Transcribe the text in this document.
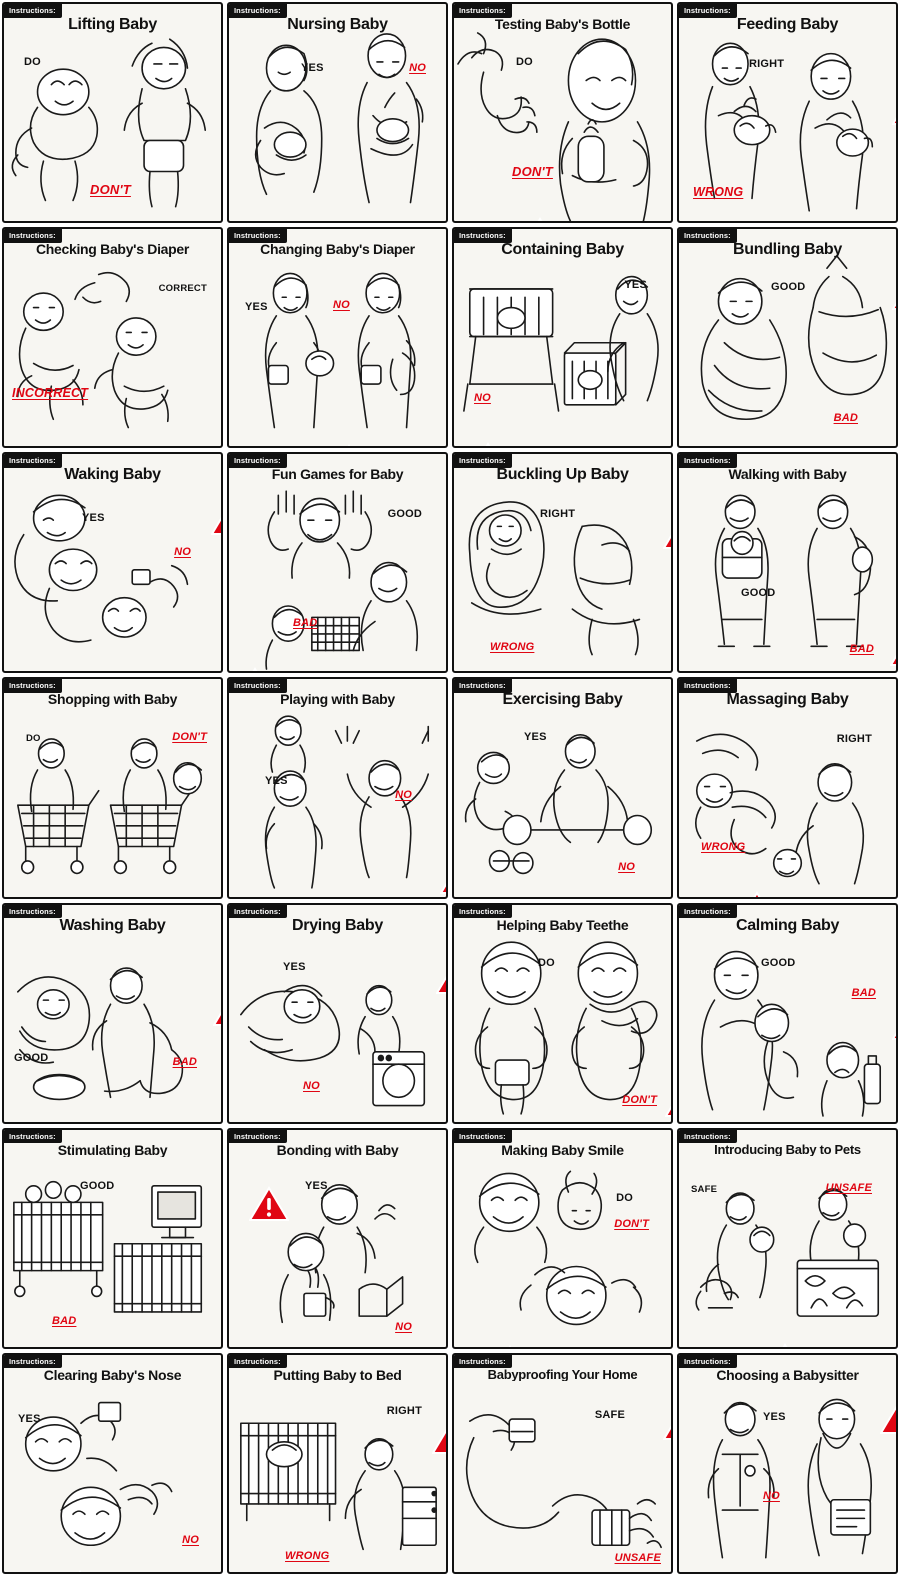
Instructions:
Lifting Baby
DO
DON'T
Instructions:
Nursing Baby
YES	NO
Instructions:
Testing Baby's Bottle
DO
DON'T
Instructions:
Feeding Baby
RIGHT
WRONG
Instructions:
Checking Baby's Diaper
CORRECT
INCORRECT
Instructions:
Changing Baby's Diaper
YES	NO
Instructions:
Containing Baby
YES
NO
Instructions:
Bundling Baby
GOOD
BAD
Instructions:
Waking Baby
YES
NO
Instructions:
Fun Games for Baby
GOOD
BAD
Instructions:
Buckling Up Baby
RIGHT
WRONG
Instructions:
Walking with Baby
GOOD
BAD
Instructions:
Shopping with Baby
DO	DON'T
Instructions:
Playing with Baby
YES
NO
Instructions:
Exercising Baby
YES
NO
Instructions:
Massaging Baby
RIGHT
WRONG
Instructions:
Washing Baby
GOOD	BAD
Instructions:
Drying Baby
YES
NO
Instructions:
Helping Baby Teethe
DO
DON'T
Instructions:
Calming Baby
GOOD
BAD
Instructions:
Stimulating Baby
GOOD
BAD
Instructions:
Bonding with Baby
YES
NO
Instructions:
Making Baby Smile
DO
DON'T
Instructions:
Introducing Baby to Pets
SAFE	UNSAFE
Instructions:
Clearing Baby's Nose
YES
NO
Instructions:
Putting Baby to Bed
RIGHT
WRONG
Instructions:
Babyproofing Your Home
SAFE
UNSAFE
Instructions:
Choosing a Babysitter
YES
NO
